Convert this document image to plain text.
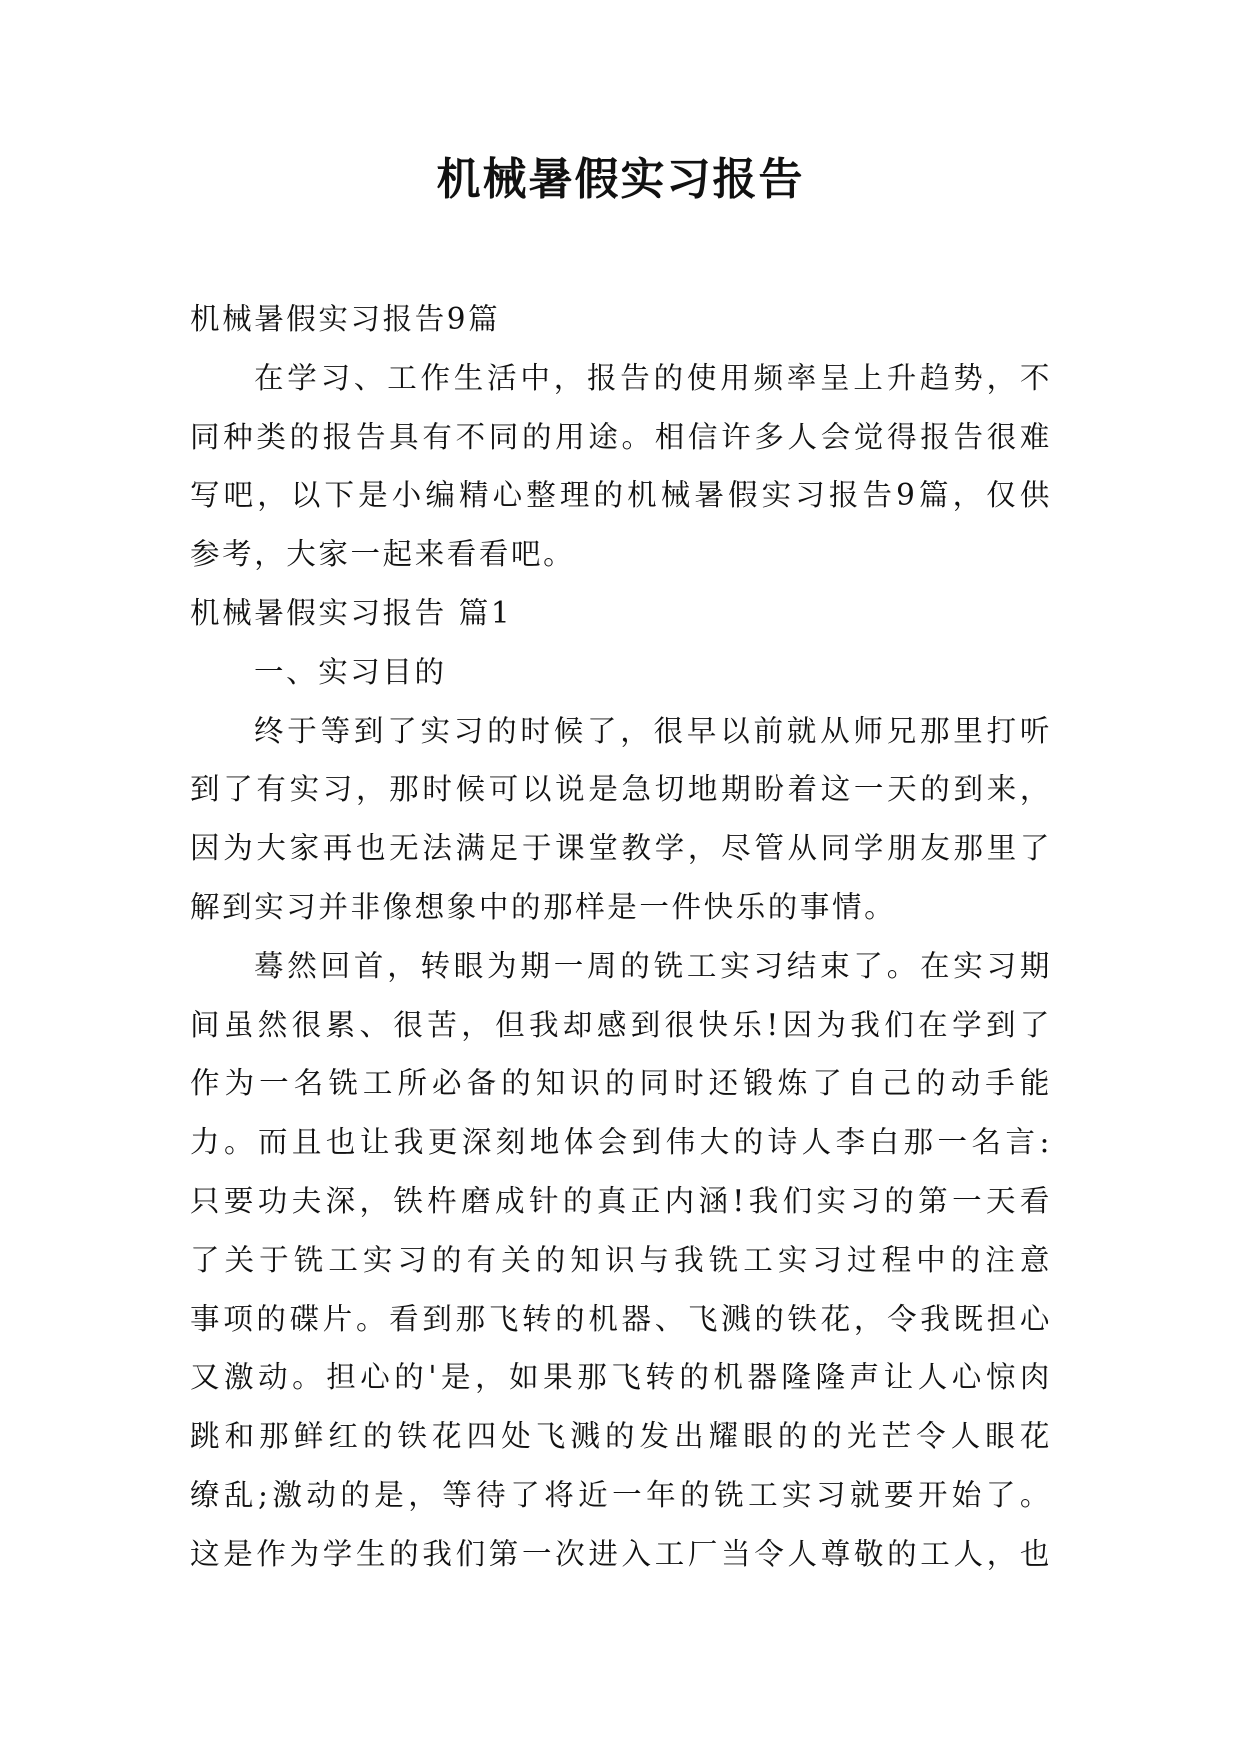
机械暑假实习报告

机械暑假实习报告9篇

在学习、工作生活中，报告的使用频率呈上升趋势，不

同种类的报告具有不同的用途。相信许多人会觉得报告很难

写吧，以下是小编精心整理的机械暑假实习报告9篇，仅供

参考，大家一起来看看吧。

机械暑假实习报告 篇1

一、实习目的

终于等到了实习的时候了，很早以前就从师兄那里打听

到了有实习，那时候可以说是急切地期盼着这一天的到来，

因为大家再也无法满足于课堂教学，尽管从同学朋友那里了

解到实习并非像想象中的那样是一件快乐的事情。

蓦然回首，转眼为期一周的铣工实习结束了。在实习期

间虽然很累、很苦，但我却感到很快乐!因为我们在学到了

作为一名铣工所必备的知识的同时还锻炼了自己的动手能

力。而且也让我更深刻地体会到伟大的诗人李白那一名言:

只要功夫深，铁杵磨成针的真正内涵!我们实习的第一天看

了关于铣工实习的有关的知识与我铣工实习过程中的注意

事项的碟片。看到那飞转的机器、飞溅的铁花，令我既担心

又激动。担心的'是，如果那飞转的机器隆隆声让人心惊肉

跳和那鲜红的铁花四处飞溅的发出耀眼的的光芒令人眼花

缭乱;激动的是，等待了将近一年的铣工实习就要开始了。

这是作为学生的我们第一次进入工厂当令人尊敬的工人，也
